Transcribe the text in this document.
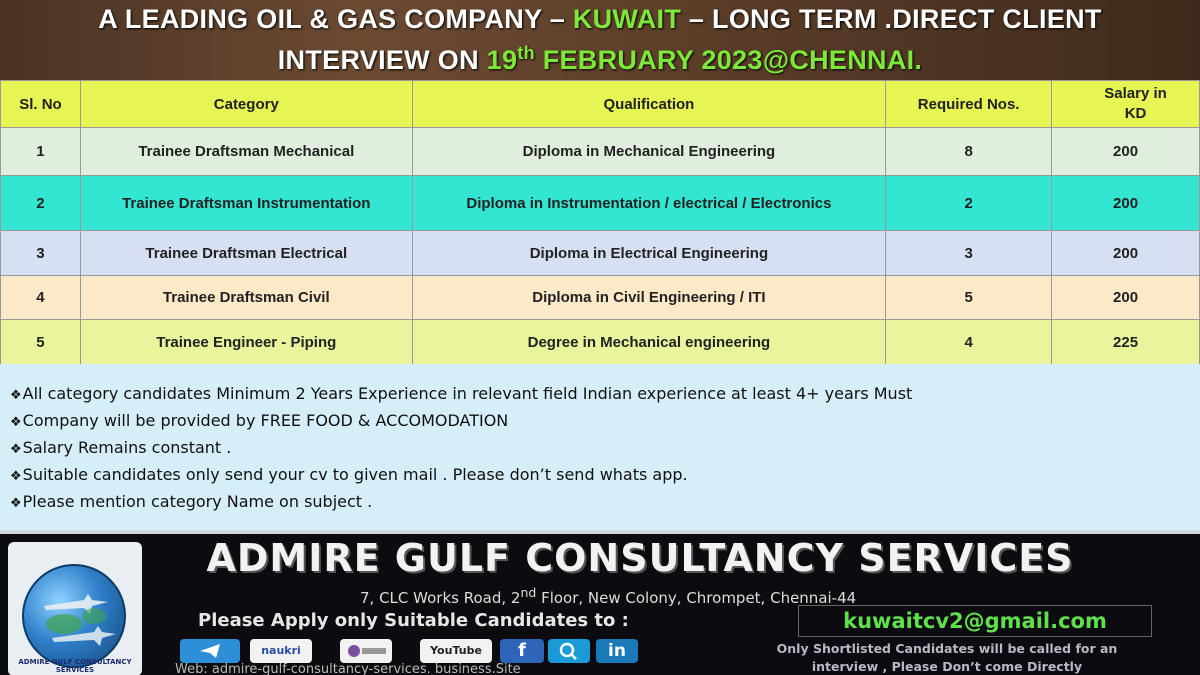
A LEADING OIL & GAS COMPANY – KUWAIT – LONG TERM .DIRECT CLIENT
INTERVIEW ON 19th FEBRUARY 2023@CHENNAI.
Sl. No	Category	Qualification	Required Nos.	Salary in
KD
1	Trainee Draftsman Mechanical	Diploma in Mechanical Engineering	8	200
2	Trainee Draftsman Instrumentation	Diploma in Instrumentation / electrical / Electronics	2	200
3	Trainee Draftsman Electrical	Diploma in Electrical Engineering	3	200
4	Trainee Draftsman Civil	Diploma in Civil Engineering / ITI	5	200
5	Trainee Engineer - Piping	Degree in Mechanical engineering	4	225
❖All category candidates Minimum 2 Years Experience in relevant field Indian experience at least 4+ years Must
❖Company will be provided by FREE FOOD & ACCOMODATION
❖Salary Remains constant .
❖Suitable candidates only send your cv to given mail . Please don’t send whats app.
❖Please mention category Name on subject .
ADMIRE GULF CONSULTANCY SERVICES
ADMIRE GULF CONSULTANCY SERVICES
7, CLC Works Road, 2nd Floor, New Colony, Chrompet, Chennai-44
Please Apply only Suitable Candidates to :	kuwaitcv2@gmail.com
Only Shortlisted Candidates will be called for an
interview , Please Don’t come Directly
naukri	YouTube	f	in
Web: admire-gulf-consultancy-services. business.Site
